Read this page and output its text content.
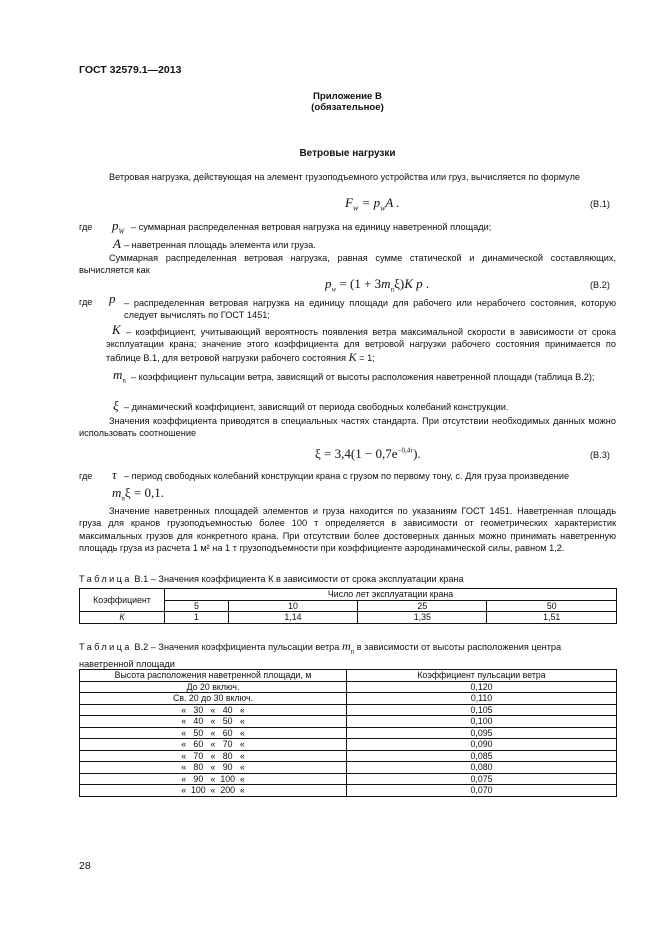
ГОСТ 32579.1—2013
Приложение В
(обязательное)
Ветровые нагрузки

Ветровая нагрузка, действующая на элемент грузоподъемного устройства или груз, вычисляется по формуле

$F_w = p_wA$ .	(В.1)
где $p_W$ – суммарная распределенная ветровая нагрузка на единицу наветренной площади;
A – наветренная площадь элемента или груза.

Суммарная распределенная ветровая нагрузка, равная сумме статической и динамической составляющих, вычисляется как

$p_w = (1 + 3m_n\xi)K$ p .	(В.2)
где p – распределенная ветровая нагрузка на единицу площади для рабочего или нерабочего состояния, которую следует вычислять по ГОСТ 1451;

K – коэффициент, учитывающий вероятность появления ветра максимальной скорости в зависимости от срока эксплуатации крана; значение этого коэффициента для ветровой нагрузки рабочего состояния принимается по таблице В.1, для ветровой нагрузки рабочего состояния K = 1;

$m_n$ – коэффициент пульсации ветра, зависящий от высоты расположения наветренной площади (таблица В.2);

ξ – динамический коэффициент, зависящий от периода свободных колебаний конструкции.

Значения коэффициента приводятся в специальных частях стандарта. При отсутствии необходимых данных можно использовать соотношение

$\xi = 3,4(1 - 0,7e^{-0,4\tau})$.	(В.3)
где τ – период свободных колебаний конструкции крана с грузом по первому тону, с. Для груза произведение
$m_n\xi = 0,1$.

Значение наветренных площадей элементов и груза находится по указаниям ГОСТ 1451. Наветренная площадь груза для кранов грузоподъемностью более 100 т определяется в зависимости от геометрических характеристик максимальных грузов для конкретного крана. При отсутствии более достоверных данных можно принимать наветренную площадь груза из расчета 1 м² на 1 т грузоподъемности при коэффициенте аэродинамической силы, равном 1,2.

Таблица В.1 – Значения коэффициента К в зависимости от срока эксплуатации крана
Коэффициент	Число лет эксплуатации крана			
	5	10	25	50
К	1	1,14	1,35	1,51
Таблица В.2 – Значения коэффициента пульсации ветра $m_n$ в зависимости от высоты расположения центра наветренной площади
Высота расположения наветренной площади, м	Коэффициент пульсации ветра
До 20 включ.	0,120
Св. 20 до 30 включ.	0,110
«   30   «   40   «	0,105
«   40   «   50   «	0,100
«   50   «   60   «	0,095
«   60   «   70   «	0,090
«   70   «   80   «	0,085
«   80   «   90   «	0,080
«   90   «  100  «	0,075
«  100  «  200  «	0,070
28
